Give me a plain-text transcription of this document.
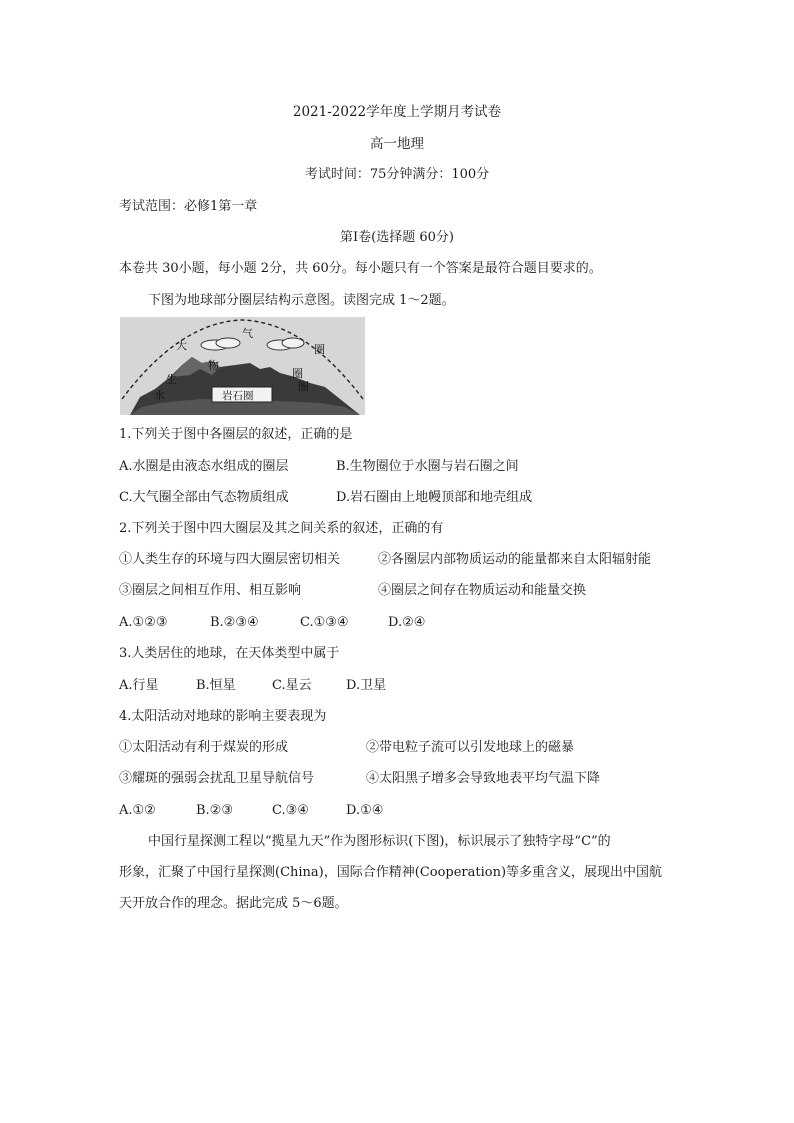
2021-2022学年度上学期月考试卷
高一地理
考试时间：75分钟满分：100分
考试范围：必修1第一章
第Ⅰ卷(选择题 60分)
本卷共 30小题，每小题 2分，共 60分。每小题只有一个答案是最符合题目要求的。
下图为地球部分圈层结构示意图。读图完成 1～2题。
大
气
圈
物
生	圈
圈
水	岩石圈
1.下列关于图中各圈层的叙述，正确的是
A.水圈是由液态水组成的圈层	B.生物圈位于水圈与岩石圈之间
C.大气圈全部由气态物质组成	D.岩石圈由上地幔顶部和地壳组成
2.下列关于图中四大圈层及其之间关系的叙述，正确的有
①人类生存的环境与四大圈层密切相关	②各圈层内部物质运动的能量都来自太阳辐射能
③圈层之间相互作用、相互影响	④圈层之间存在物质运动和能量交换
A.①②③	B.②③④	C.①③④	D.②④
3.人类居住的地球，在天体类型中属于
A.行星	B.恒星	C.星云	D.卫星
4.太阳活动对地球的影响主要表现为
①太阳活动有利于煤炭的形成	②带电粒子流可以引发地球上的磁暴
③耀斑的强弱会扰乱卫星导航信号	④太阳黑子增多会导致地表平均气温下降
A.①②	B.②③	C.③④	D.①④
中国行星探测工程以“揽星九天”作为图形标识(下图)，标识展示了独特字母“C”的
形象，汇聚了中国行星探测(China)，国际合作精神(Cooperation)等多重含义，展现出中国航
天开放合作的理念。据此完成 5～6题。
